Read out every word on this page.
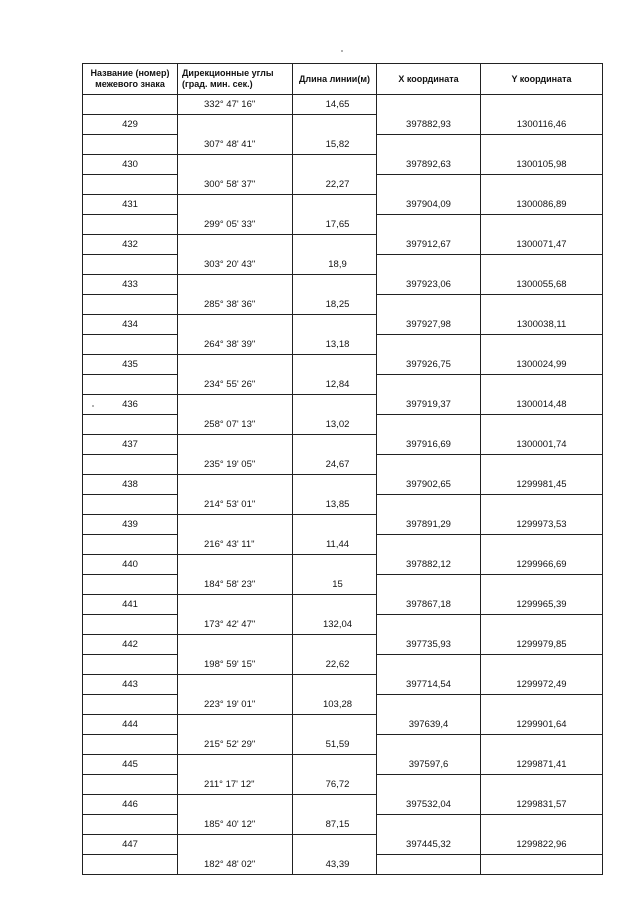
Название (номер) межевого знака	Дирекционные углы (град. мин. сек.)	Длина линии(м)	X координата	Y координата
	332° 47' 16"	14,65		
429			397882,93	1300116,46
	307° 48' 41"	15,82		
430			397892,63	1300105,98
	300° 58' 37"	22,27		
431			397904,09	1300086,89
	299° 05' 33"	17,65		
432			397912,67	1300071,47
	303° 20' 43"	18,9		
433			397923,06	1300055,68
	285° 38' 36"	18,25		
434			397927,98	1300038,11
	264° 38' 39"	13,18		
435			397926,75	1300024,99
	234° 55' 26"	12,84		
436			397919,37	1300014,48
	258° 07' 13"	13,02		
437			397916,69	1300001,74
	235° 19' 05"	24,67		
438			397902,65	1299981,45
	214° 53' 01"	13,85		
439			397891,29	1299973,53
	216° 43' 11"	11,44		
440			397882,12	1299966,69
	184° 58' 23"	15		
441			397867,18	1299965,39
	173° 42' 47"	132,04		
442			397735,93	1299979,85
	198° 59' 15"	22,62		
443			397714,54	1299972,49
	223° 19' 01"	103,28		
444			397639,4	1299901,64
	215° 52' 29"	51,59		
445			397597,6	1299871,41
	211° 17' 12"	76,72		
446			397532,04	1299831,57
	185° 40' 12"	87,15		
447			397445,32	1299822,96
	182° 48' 02"	43,39		
